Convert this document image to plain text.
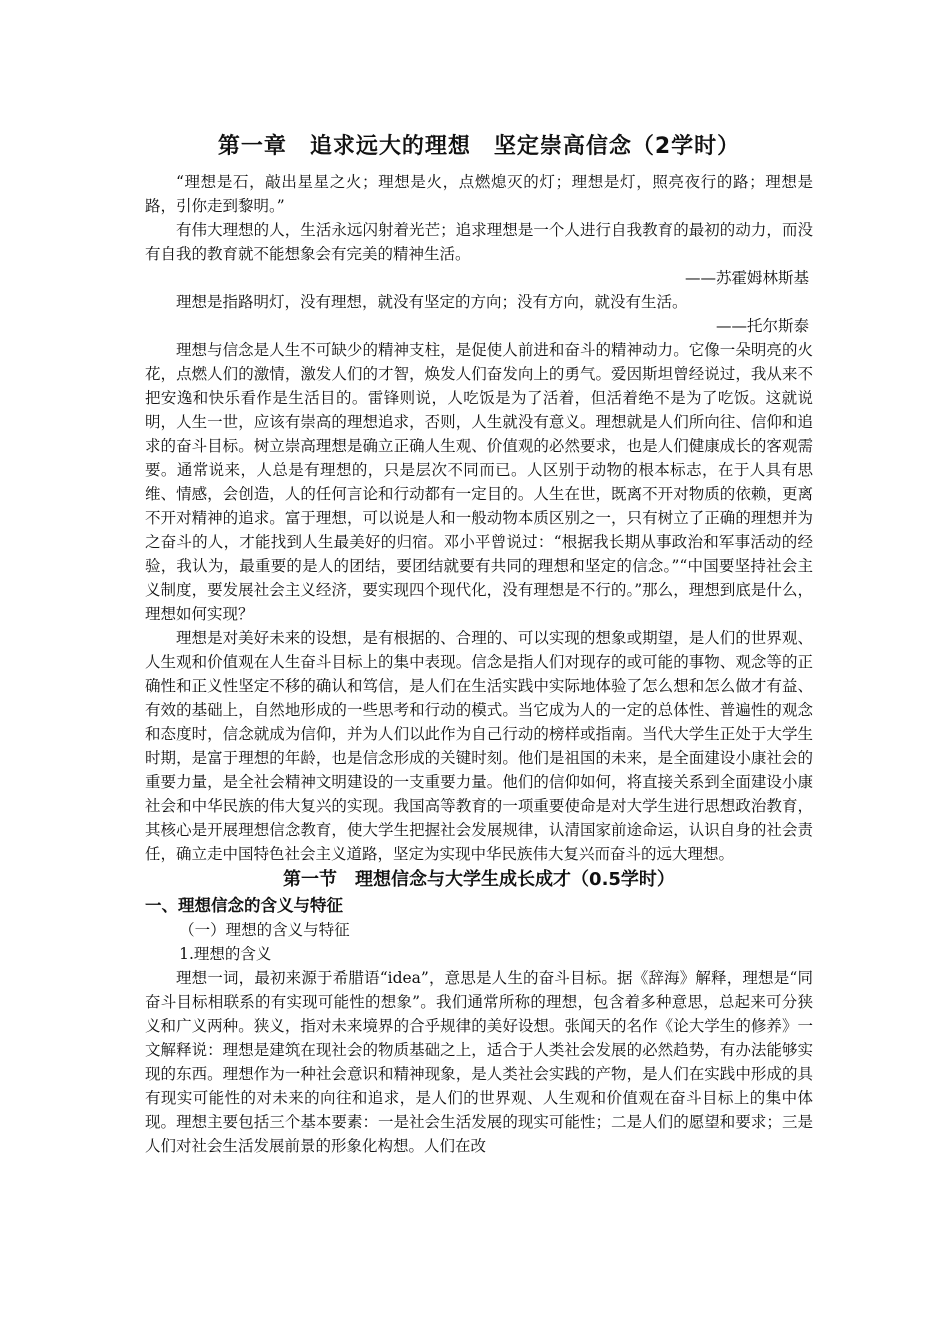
第一章　追求远大的理想　坚定崇高信念（2学时）

“理想是石，敲出星星之火；理想是火，点燃熄灭的灯；理想是灯，照亮夜行的路；理想是路，引你走到黎明。”

有伟大理想的人，生活永远闪射着光芒；追求理想是一个人进行自我教育的最初的动力，而没有自我的教育就不能想象会有完美的精神生活。

——苏霍姆林斯基

理想是指路明灯，没有理想，就没有坚定的方向；没有方向，就没有生活。

——托尔斯泰

理想与信念是人生不可缺少的精神支柱，是促使人前进和奋斗的精神动力。它像一朵明亮的火花，点燃人们的激情，激发人们的才智，焕发人们奋发向上的勇气。爱因斯坦曾经说过，我从来不把安逸和快乐看作是生活目的。雷锋则说，人吃饭是为了活着，但活着绝不是为了吃饭。这就说明，人生一世，应该有崇高的理想追求，否则，人生就没有意义。理想就是人们所向往、信仰和追求的奋斗目标。树立崇高理想是确立正确人生观、价值观的必然要求，也是人们健康成长的客观需要。通常说来，人总是有理想的，只是层次不同而已。人区别于动物的根本标志，在于人具有思维、情感，会创造，人的任何言论和行动都有一定目的。人生在世，既离不开对物质的依赖，更离不开对精神的追求。富于理想，可以说是人和一般动物本质区别之一，只有树立了正确的理想并为之奋斗的人，才能找到人生最美好的归宿。邓小平曾说过：“根据我长期从事政治和军事活动的经验，我认为，最重要的是人的团结，要团结就要有共同的理想和坚定的信念。”“中国要坚持社会主义制度，要发展社会主义经济，要实现四个现代化，没有理想是不行的。”那么，理想到底是什么，理想如何实现？

理想是对美好未来的设想，是有根据的、合理的、可以实现的想象或期望，是人们的世界观、人生观和价值观在人生奋斗目标上的集中表现。信念是指人们对现存的或可能的事物、观念等的正确性和正义性坚定不移的确认和笃信，是人们在生活实践中实际地体验了怎么想和怎么做才有益、有效的基础上，自然地形成的一些思考和行动的模式。当它成为人的一定的总体性、普遍性的观念和态度时，信念就成为信仰，并为人们以此作为自己行动的榜样或指南。当代大学生正处于大学生时期，是富于理想的年龄，也是信念形成的关键时刻。他们是祖国的未来，是全面建设小康社会的重要力量，是全社会精神文明建设的一支重要力量。他们的信仰如何，将直接关系到全面建设小康社会和中华民族的伟大复兴的实现。我国高等教育的一项重要使命是对大学生进行思想政治教育，其核心是开展理想信念教育，使大学生把握社会发展规律，认清国家前途命运，认识自身的社会责任，确立走中国特色社会主义道路，坚定为实现中华民族伟大复兴而奋斗的远大理想。

第一节　理想信念与大学生成长成才（0.5学时）
一、理想信念的含义与特征

（一）理想的含义与特征

1.理想的含义

理想一词，最初来源于希腊语“idea”，意思是人生的奋斗目标。据《辞海》解释，理想是“同奋斗目标相联系的有实现可能性的想象”。我们通常所称的理想，包含着多种意思，总起来可分狭义和广义两种。狭义，指对未来境界的合乎规律的美好设想。张闻天的名作《论大学生的修养》一文解释说：理想是建筑在现社会的物质基础之上，适合于人类社会发展的必然趋势，有办法能够实现的东西。理想作为一种社会意识和精神现象，是人类社会实践的产物，是人们在实践中形成的具有现实可能性的对未来的向往和追求，是人们的世界观、人生观和价值观在奋斗目标上的集中体现。理想主要包括三个基本要素：一是社会生活发展的现实可能性；二是人们的愿望和要求；三是人们对社会生活发展前景的形象化构想。人们在改
